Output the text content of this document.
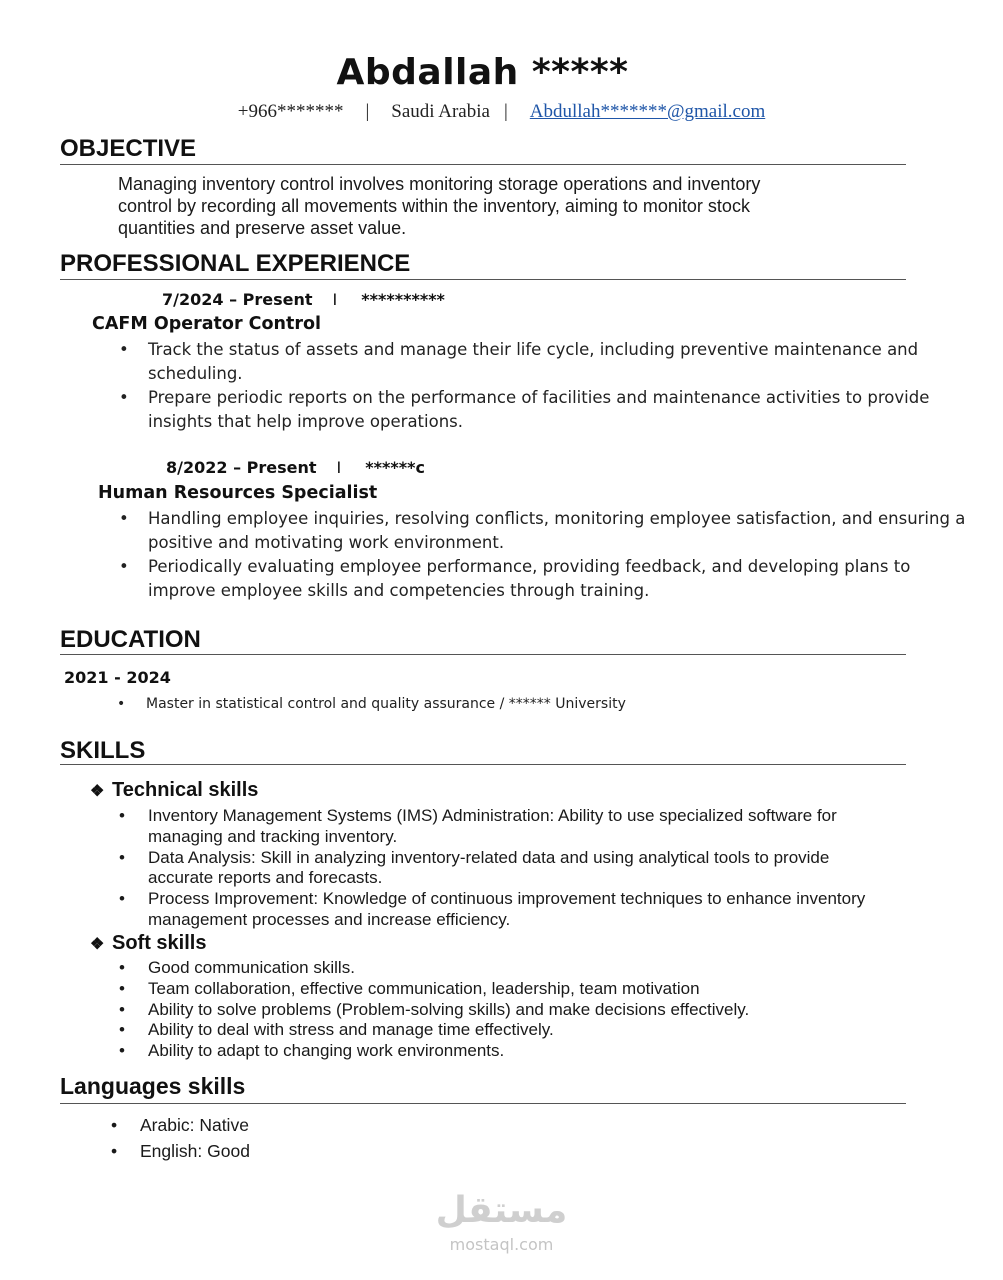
Abdallah *****
+966******* | Saudi Arabia | Abdullah*******@gmail.com
OBJECTIVE
Managing inventory control involves monitoring storage operations and inventory
control by recording all movements within the inventory, aiming to monitor stock
quantities and preserve asset value.
PROFESSIONAL EXPERIENCE
7/2024 – Present I **********
CAFM Operator Control
• Track the status of assets and manage their life cycle, including preventive maintenance and
scheduling.
• Prepare periodic reports on the performance of facilities and maintenance activities to provide
insights that help improve operations.
8/2022 – Present I ******c
Human Resources Specialist
• Handling employee inquiries, resolving conflicts, monitoring employee satisfaction, and ensuring a
positive and motivating work environment.
• Periodically evaluating employee performance, providing feedback, and developing plans to
improve employee skills and competencies through training.
EDUCATION
2021 - 2024
• Master in statistical control and quality assurance / ****** University
SKILLS
❖ Technical skills
• Inventory Management Systems (IMS) Administration: Ability to use specialized software for
managing and tracking inventory.
• Data Analysis: Skill in analyzing inventory-related data and using analytical tools to provide
accurate reports and forecasts.
• Process Improvement: Knowledge of continuous improvement techniques to enhance inventory
management processes and increase efficiency.
❖ Soft skills
• Good communication skills.
• Team collaboration, effective communication, leadership, team motivation
• Ability to solve problems (Problem-solving skills) and make decisions effectively.
• Ability to deal with stress and manage time effectively.
• Ability to adapt to changing work environments.
Languages skills
• Arabic: Native
• English: Good
مستقل
mostaql.com
